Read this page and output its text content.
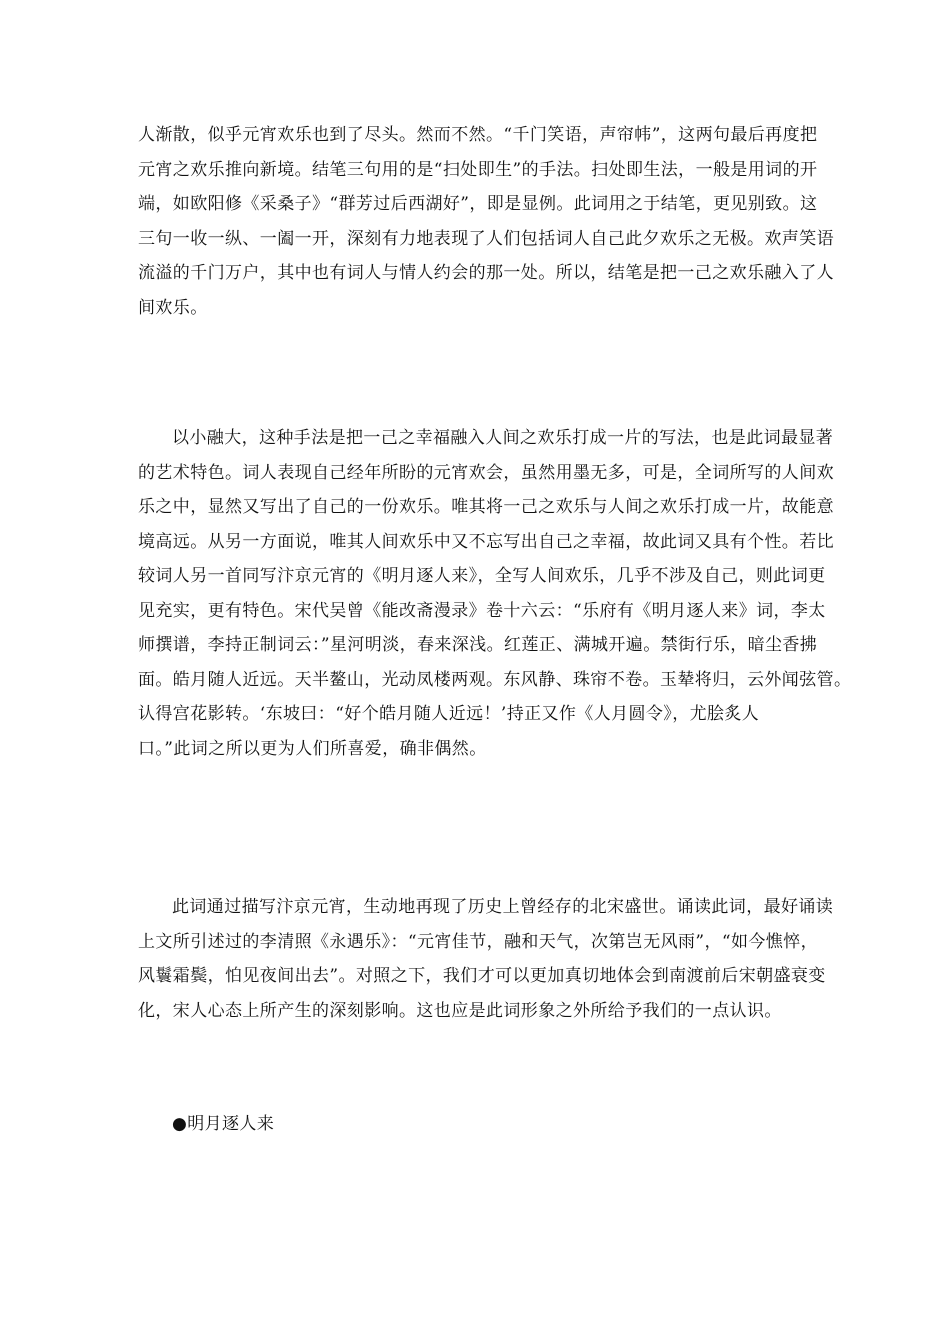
人渐散，似乎元宵欢乐也到了尽头。然而不然。“千门笑语，声帘帏”，这两句最后再度把
元宵之欢乐推向新境。结笔三句用的是“扫处即生”的手法。扫处即生法，一般是用词的开
端，如欧阳修《采桑子》“群芳过后西湖好”，即是显例。此词用之于结笔，更见别致。这
三句一收一纵、一阖一开，深刻有力地表现了人们包括词人自己此夕欢乐之无极。欢声笑语
流溢的千门万户，其中也有词人与情人约会的那一处。所以，结笔是把一己之欢乐融入了人
间欢乐。
以小融大，这种手法是把一己之幸福融入人间之欢乐打成一片的写法，也是此词最显著
的艺术特色。词人表现自己经年所盼的元宵欢会，虽然用墨无多，可是，全词所写的人间欢
乐之中，显然又写出了自己的一份欢乐。唯其将一己之欢乐与人间之欢乐打成一片，故能意
境高远。从另一方面说，唯其人间欢乐中又不忘写出自己之幸福，故此词又具有个性。若比
较词人另一首同写汴京元宵的《明月逐人来》，全写人间欢乐，几乎不涉及自己，则此词更
见充实，更有特色。宋代吴曾《能改斋漫录》卷十六云：“乐府有《明月逐人来》词，李太
师撰谱，李持正制词云：”星河明淡，春来深浅。红莲正、满城开遍。禁街行乐，暗尘香拂
面。皓月随人近远。天半鳌山，光动凤楼两观。东风静、珠帘不卷。玉辇将归，云外闻弦管。
认得宫花影转。‘东坡曰：“好个皓月随人近远！’持正又作《人月圆令》，尤脍炙人
口。”此词之所以更为人们所喜爱，确非偶然。
此词通过描写汴京元宵，生动地再现了历史上曾经存的北宋盛世。诵读此词，最好诵读
上文所引述过的李清照《永遇乐》：“元宵佳节，融和天气，次第岂无风雨”，“如今憔悴，
风鬟霜鬓，怕见夜间出去”。对照之下，我们才可以更加真切地体会到南渡前后宋朝盛衰变
化，宋人心态上所产生的深刻影响。这也应是此词形象之外所给予我们的一点认识。
●明月逐人来
